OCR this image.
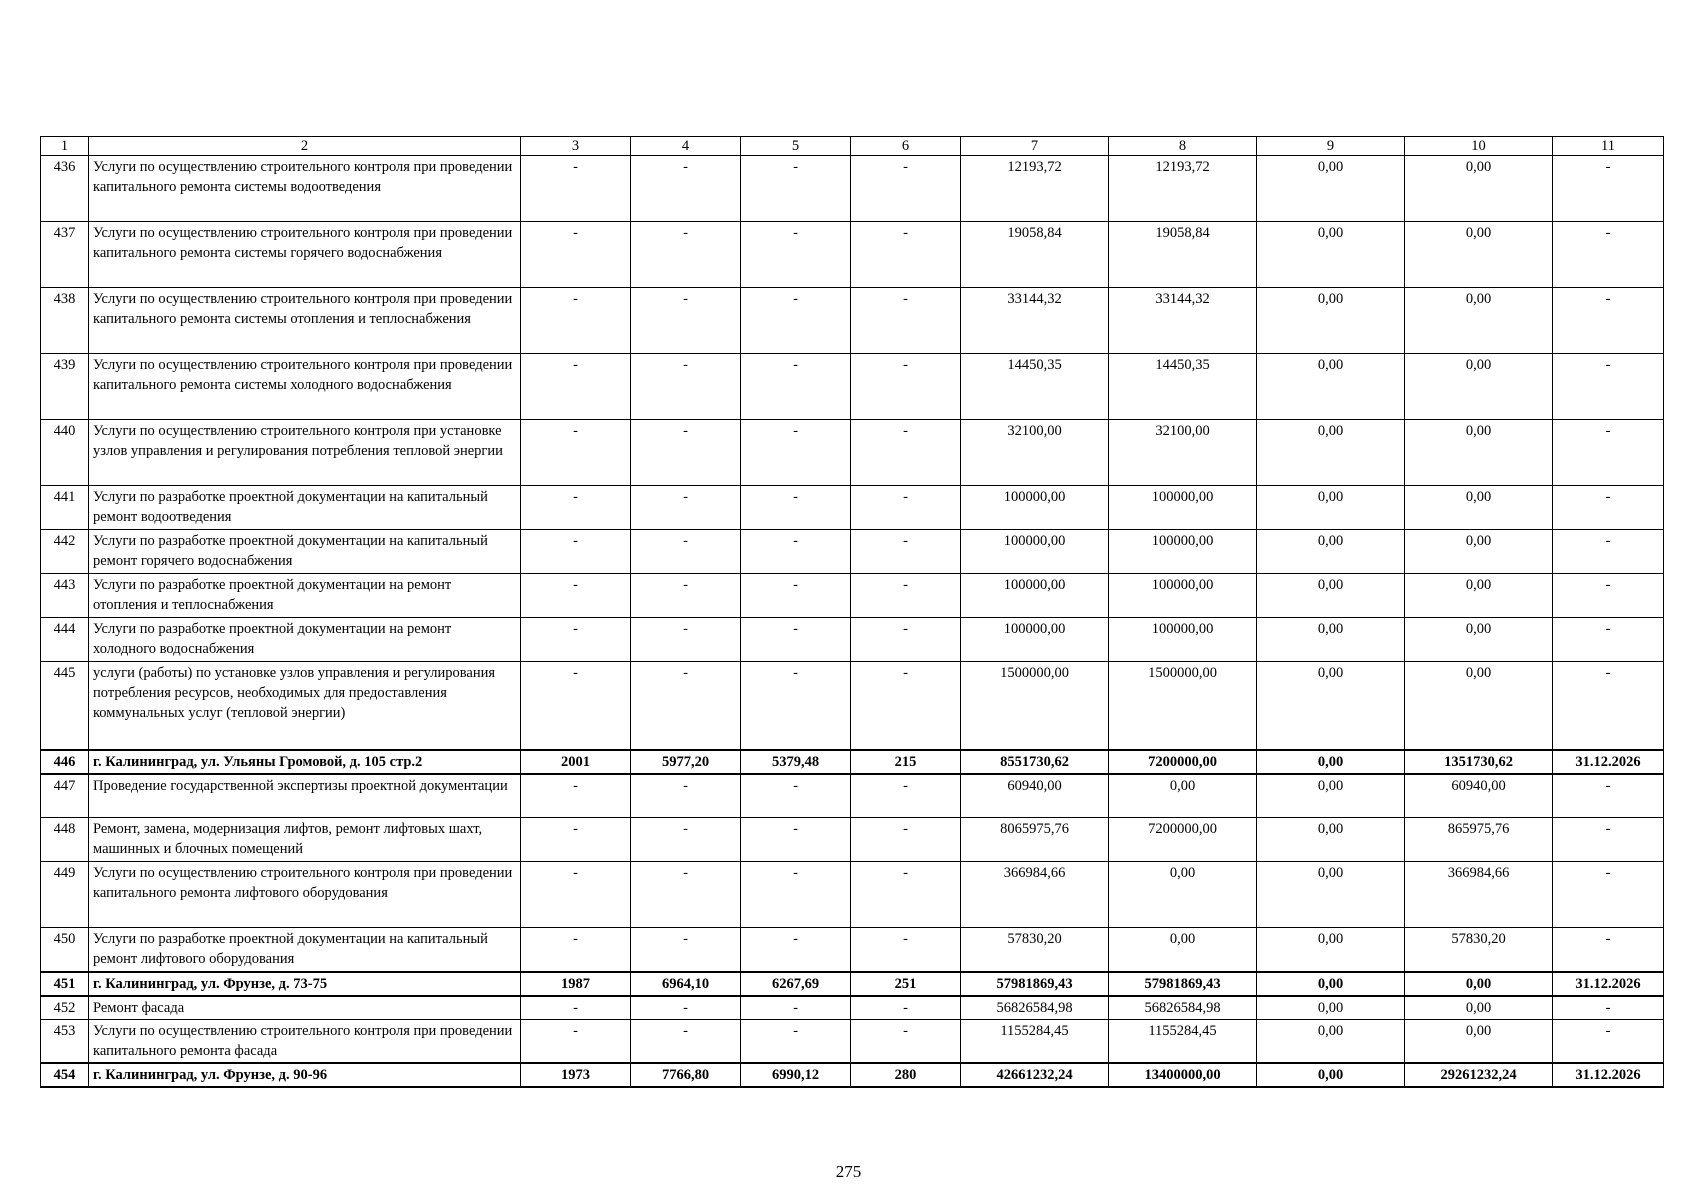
1	2	3	4	5	6	7	8	9	10	11
436	Услуги по осуществлению строительного контроля при проведении капитального ремонта системы водоотведения	-	-	-	-	12193,72	12193,72	0,00	0,00	-
437	Услуги по осуществлению строительного контроля при проведении капитального ремонта системы горячего водоснабжения	-	-	-	-	19058,84	19058,84	0,00	0,00	-
438	Услуги по осуществлению строительного контроля при проведении капитального ремонта системы отопления и теплоснабжения	-	-	-	-	33144,32	33144,32	0,00	0,00	-
439	Услуги по осуществлению строительного контроля при проведении капитального ремонта системы холодного водоснабжения	-	-	-	-	14450,35	14450,35	0,00	0,00	-
440	Услуги по осуществлению строительного контроля при установке узлов управления и регулирования потребления тепловой энергии	-	-	-	-	32100,00	32100,00	0,00	0,00	-
441	Услуги по разработке проектной документации на капитальный ремонт водоотведения	-	-	-	-	100000,00	100000,00	0,00	0,00	-
442	Услуги по разработке проектной документации на капитальный ремонт горячего водоснабжения	-	-	-	-	100000,00	100000,00	0,00	0,00	-
443	Услуги по разработке проектной документации на ремонт отопления и теплоснабжения	-	-	-	-	100000,00	100000,00	0,00	0,00	-
444	Услуги по разработке проектной документации на ремонт холодного водоснабжения	-	-	-	-	100000,00	100000,00	0,00	0,00	-
445	услуги (работы) по установке узлов управления и регулирования потребления ресурсов, необходимых для предоставления коммунальных услуг (тепловой энергии)	-	-	-	-	1500000,00	1500000,00	0,00	0,00	-
446	г. Калининград, ул. Ульяны Громовой, д. 105 стр.2	2001	5977,20	5379,48	215	8551730,62	7200000,00	0,00	1351730,62	31.12.2026
447	Проведение государственной экспертизы проектной документации	-	-	-	-	60940,00	0,00	0,00	60940,00	-
448	Ремонт, замена, модернизация лифтов, ремонт лифтовых шахт, машинных и блочных помещений	-	-	-	-	8065975,76	7200000,00	0,00	865975,76	-
449	Услуги по осуществлению строительного контроля при проведении капитального ремонта лифтового оборудования	-	-	-	-	366984,66	0,00	0,00	366984,66	-
450	Услуги по разработке проектной документации на капитальный ремонт лифтового оборудования	-	-	-	-	57830,20	0,00	0,00	57830,20	-
451	г. Калининград, ул. Фрунзе, д. 73-75	1987	6964,10	6267,69	251	57981869,43	57981869,43	0,00	0,00	31.12.2026
452	Ремонт фасада	-	-	-	-	56826584,98	56826584,98	0,00	0,00	-
453	Услуги по осуществлению строительного контроля при проведении капитального ремонта фасада	-	-	-	-	1155284,45	1155284,45	0,00	0,00	-
454	г. Калининград, ул. Фрунзе, д. 90-96	1973	7766,80	6990,12	280	42661232,24	13400000,00	0,00	29261232,24	31.12.2026
275
